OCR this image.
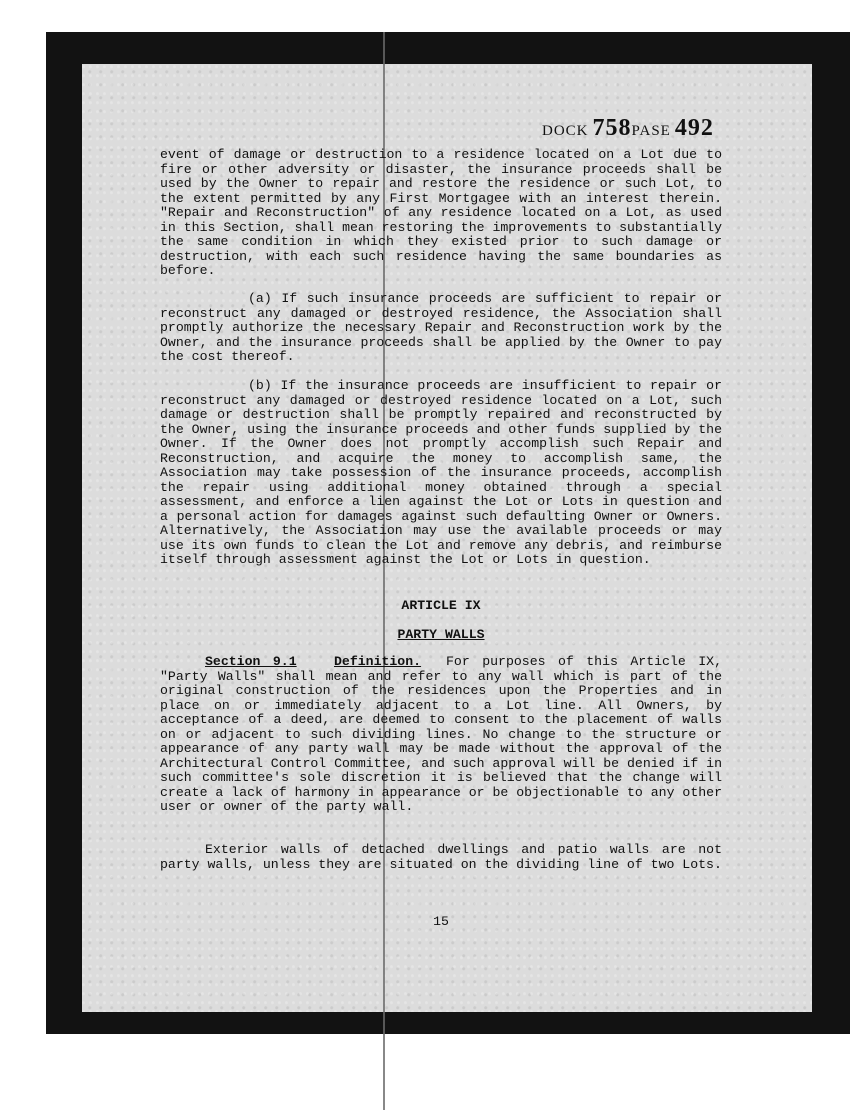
DOCK 758PASE 492

event of damage or destruction to a residence located on a Lot due to fire or other adversity or disaster, the insurance proceeds shall be used by the Owner to repair and restore the residence or such Lot, to the extent permitted by any First Mortgagee with an interest therein. "Repair and Reconstruction" of any residence located on a Lot, as used in this Section, shall mean restoring the improvements to substantially the same condition in which they existed prior to such damage or destruction, with each such residence having the same boundaries as before.

(a) If such insurance proceeds are sufficient to repair or reconstruct any damaged or destroyed residence, the Association shall promptly authorize the necessary Repair and Reconstruction work by the Owner, and the insurance proceeds shall be applied by the Owner to pay the cost thereof.

(b) If the insurance proceeds are insufficient to repair or reconstruct any damaged or destroyed residence located on a Lot, such damage or destruction shall be promptly repaired and reconstructed by the Owner, using the insurance proceeds and other funds supplied by the Owner. If the Owner does not promptly accomplish such Repair and Reconstruction, and acquire the money to accomplish same, the Association may take possession of the insurance proceeds, accomplish the repair using additional money obtained through a special assessment, and enforce a lien against the Lot or Lots in question and a personal action for damages against such defaulting Owner or Owners. Alternatively, the Association may use the available proceeds or may use its own funds to clean the Lot and remove any debris, and reimburse itself through assessment against the Lot or Lots in question.

ARTICLE IX
PARTY WALLS

Section 9.1	Definition. For purposes of this Article IX, "Party Walls" shall mean and refer to any wall which is part of the original construction of the residences upon the Properties and in place on or immediately adjacent to a Lot line. All Owners, by acceptance of a deed, are deemed to consent to the placement of walls on or adjacent to such dividing lines. No change to the structure or appearance of any party wall may be made without the approval of the Architectural Control Committee, and such approval will be denied if in such committee's sole discretion it is believed that the change will create a lack of harmony in appearance or be objectionable to any other user or owner of the party wall.

Exterior walls of detached dwellings and patio walls are not party walls, unless they are situated on the dividing line of two Lots.

15
